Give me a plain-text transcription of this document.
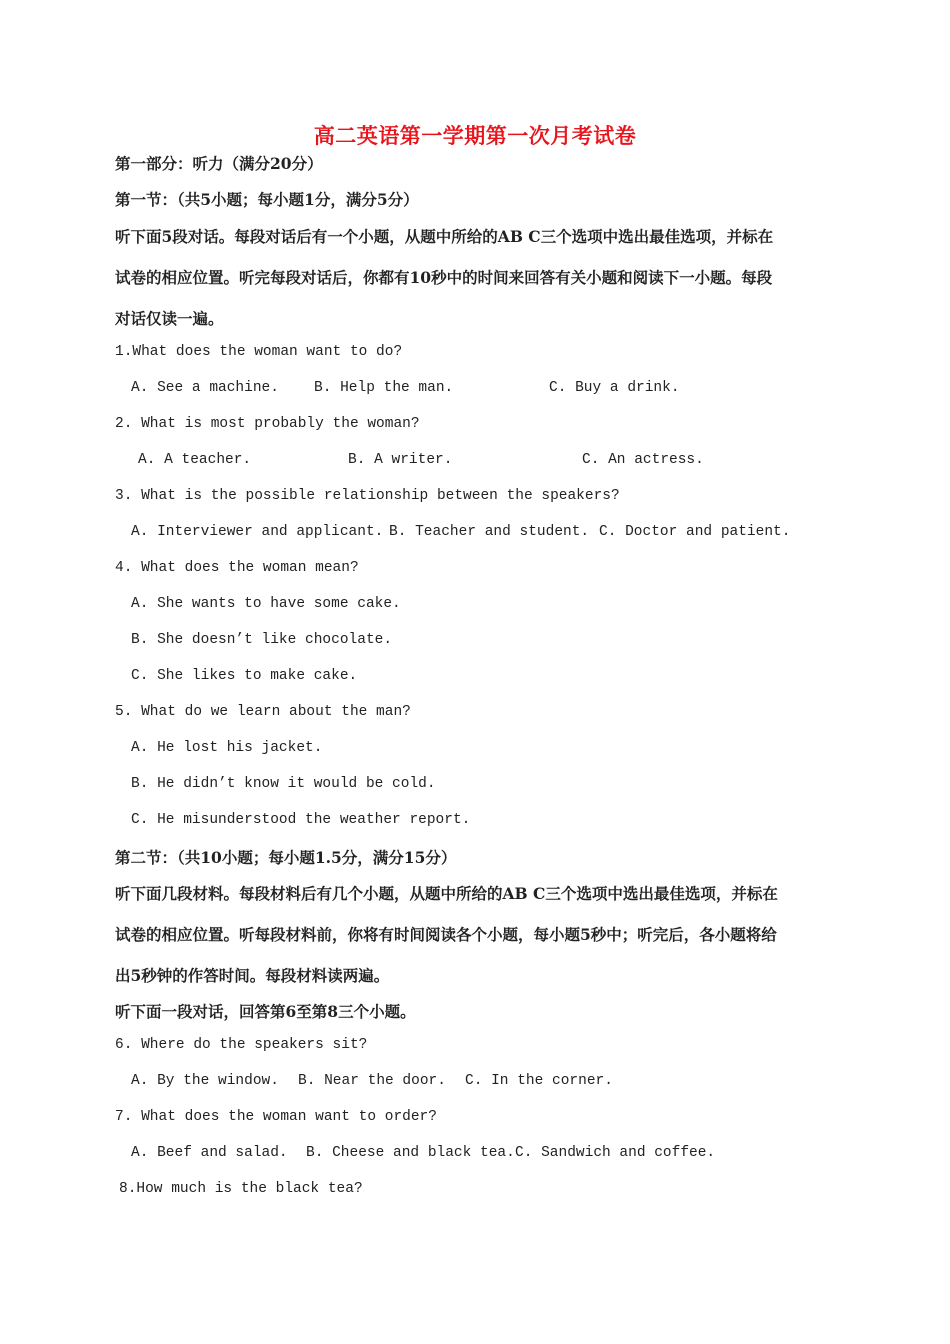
高二英语第一学期第一次月考试卷
第一部分：听力（满分20分）
第一节：（共5小题；每小题1分，满分5分）
听下面5段对话。每段对话后有一个小题，从题中所给的AB C三个选项中选出最佳选项，并标在
试卷的相应位置。听完每段对话后，你都有10秒中的时间来回答有关小题和阅读下一小题。每段
对话仅读一遍。
1.What does the woman want to do?
A. See a machine. B. Help the man.	C. Buy a drink.
2. What is most probably the woman?
A. A teacher.	B. A writer.	C. An actress.
3. What is the possible relationship between the speakers?
A. Interviewer and applicant. B. Teacher and student. C. Doctor and patient.
4. What does the woman mean?
A. She wants to have some cake.
B. She doesn’t like chocolate.
C. She likes to make cake.
5. What do we learn about the man?
A. He lost his jacket.
B. He didn’t know it would be cold.
C. He misunderstood the weather report.
第二节：（共10小题；每小题1.5分，满分15分）
听下面几段材料。每段材料后有几个小题，从题中所给的AB C三个选项中选出最佳选项，并标在
试卷的相应位置。听每段材料前，你将有时间阅读各个小题，每小题5秒中；听完后，各小题将给
出5秒钟的作答时间。每段材料读两遍。
听下面一段对话，回答第6至第8三个小题。
6. Where do the speakers sit?
A. By the window. B. Near the door. C. In the corner.
7. What does the woman want to order?
A. Beef and salad. B. Cheese and black tea. C. Sandwich and coffee.
8.How much is the black tea?
